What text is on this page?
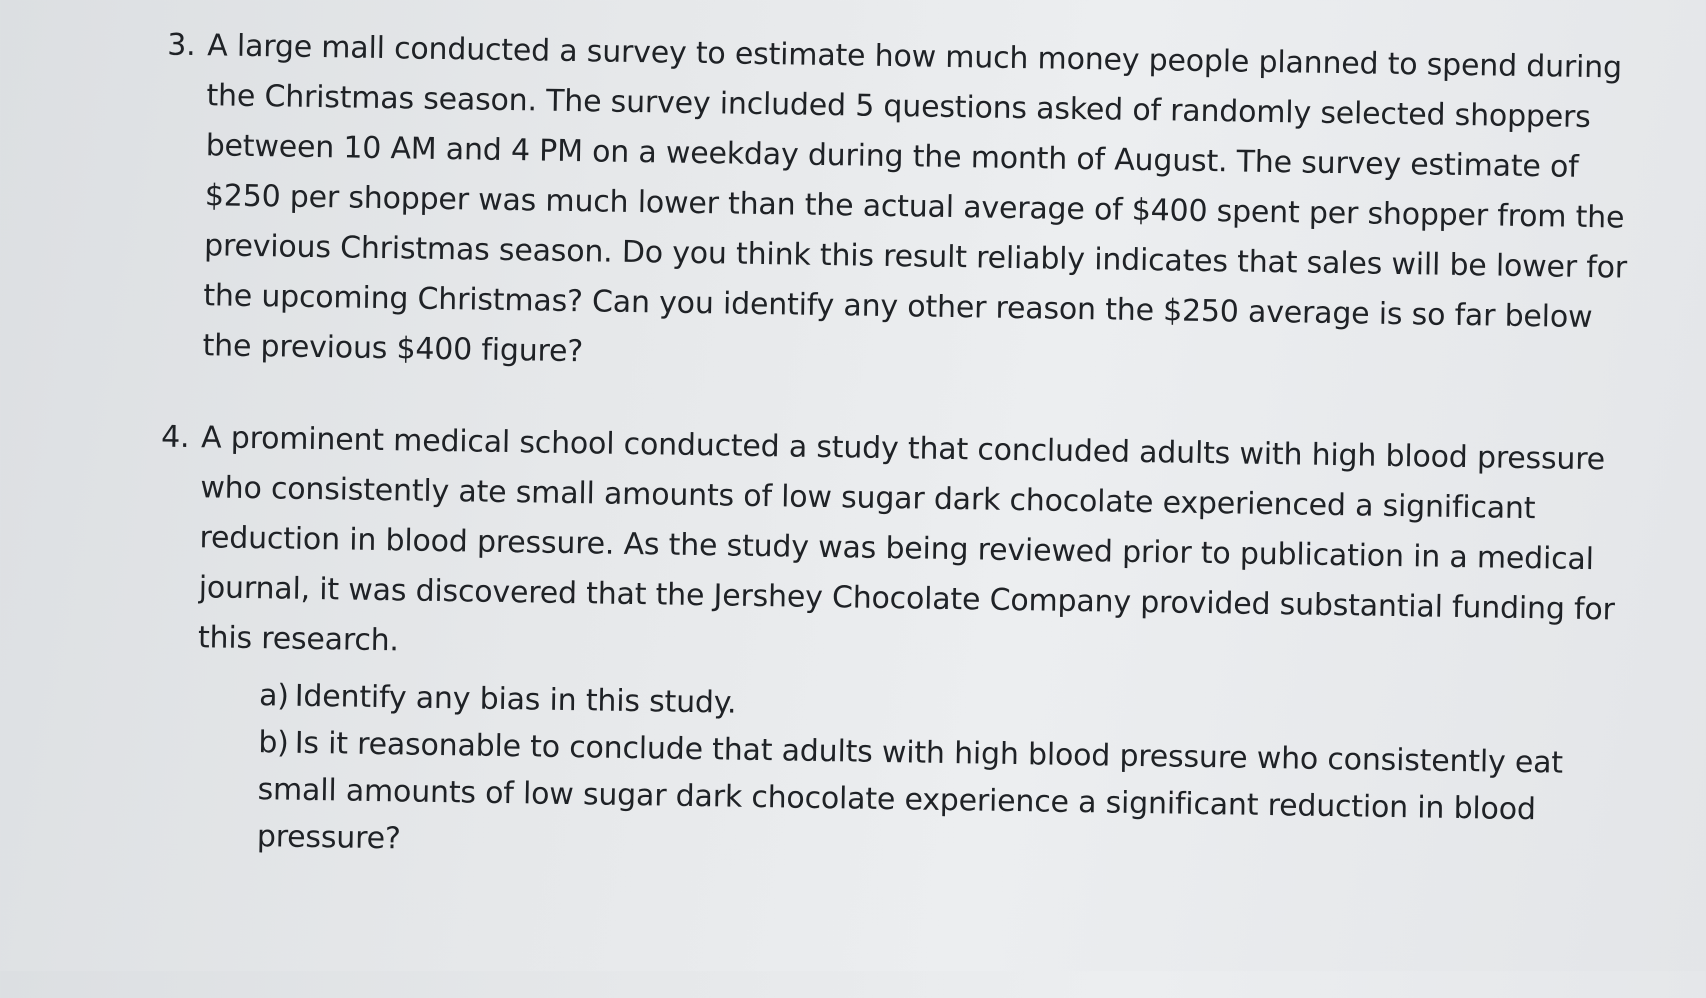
3. A large mall conducted a survey to estimate how much money people planned to spend during the Christmas season. The survey included 5 questions asked of randomly selected shoppers between 10 AM and 4 PM on a weekday during the month of August. The survey estimate of $250 per shopper was much lower than the actual average of $400 spent per shopper from the previous Christmas season. Do you think this result reliably indicates that sales will be lower for the upcoming Christmas? Can you identify any other reason the $250 average is so far below the previous $400 figure?
4. A prominent medical school conducted a study that concluded adults with high blood pressure who consistently ate small amounts of low sugar dark chocolate experienced a significant reduction in blood pressure. As the study was being reviewed prior to publication in a medical journal, it was discovered that the Jershey Chocolate Company provided substantial funding for this research.
a) Identify any bias in this study.
b) Is it reasonable to conclude that adults with high blood pressure who consistently eat small amounts of low sugar dark chocolate experience a significant reduction in blood pressure?
